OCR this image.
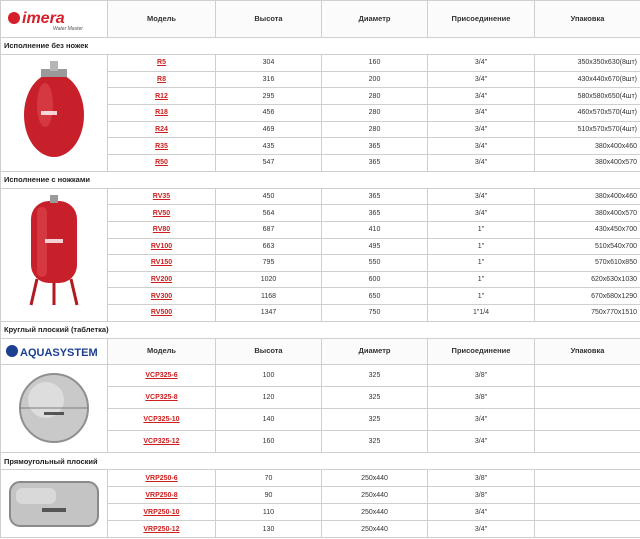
imera
Water Master	Модель	Высота	Диаметр	Присоединение	Упаковка
Исполнение без ножек					

	R5	304	160	3/4"	350x350x630(8шт)
	R8	316	200	3/4"	430x440x670(8шт)
	R12	295	280	3/4"	580x580x650(4шт)
	R18	456	280	3/4"	460x570x570(4шт)
	R24	469	280	3/4"	510x570x570(4шт)
	R35	435	365	3/4"	380x400x460
	R50	547	365	3/4"	380x400x570
Исполнение с ножками					

	RV35	450	365	3/4"	380x400x460
	RV50	564	365	3/4"	380x400x570
	RV80	687	410	1"	430x450x700
	RV100	663	495	1"	510x540x700
	RV150	795	550	1"	570x610x850
	RV200	1020	600	1"	620x630x1030
	RV300	1168	650	1"	670x680x1290
	RV500	1347	750	1"1/4	750x770x1510
Круглый плоский (таблетка)					

AQUASYSTEM	Модель	Высота	Диаметр	Присоединение	Упаковка

	VCP325-6	100	325	3/8"	
	VCP325-8	120	325	3/8"	
	VCP325-10	140	325	3/4"	
	VCP325-12	160	325	3/4"	
Прямоугольный плоский					

	VRP250-6	70	250x440	3/8"	
	VRP250-8	90	250x440	3/8"	
	VRP250-10	110	250x440	3/4"	
	VRP250-12	130	250x440	3/4"	
